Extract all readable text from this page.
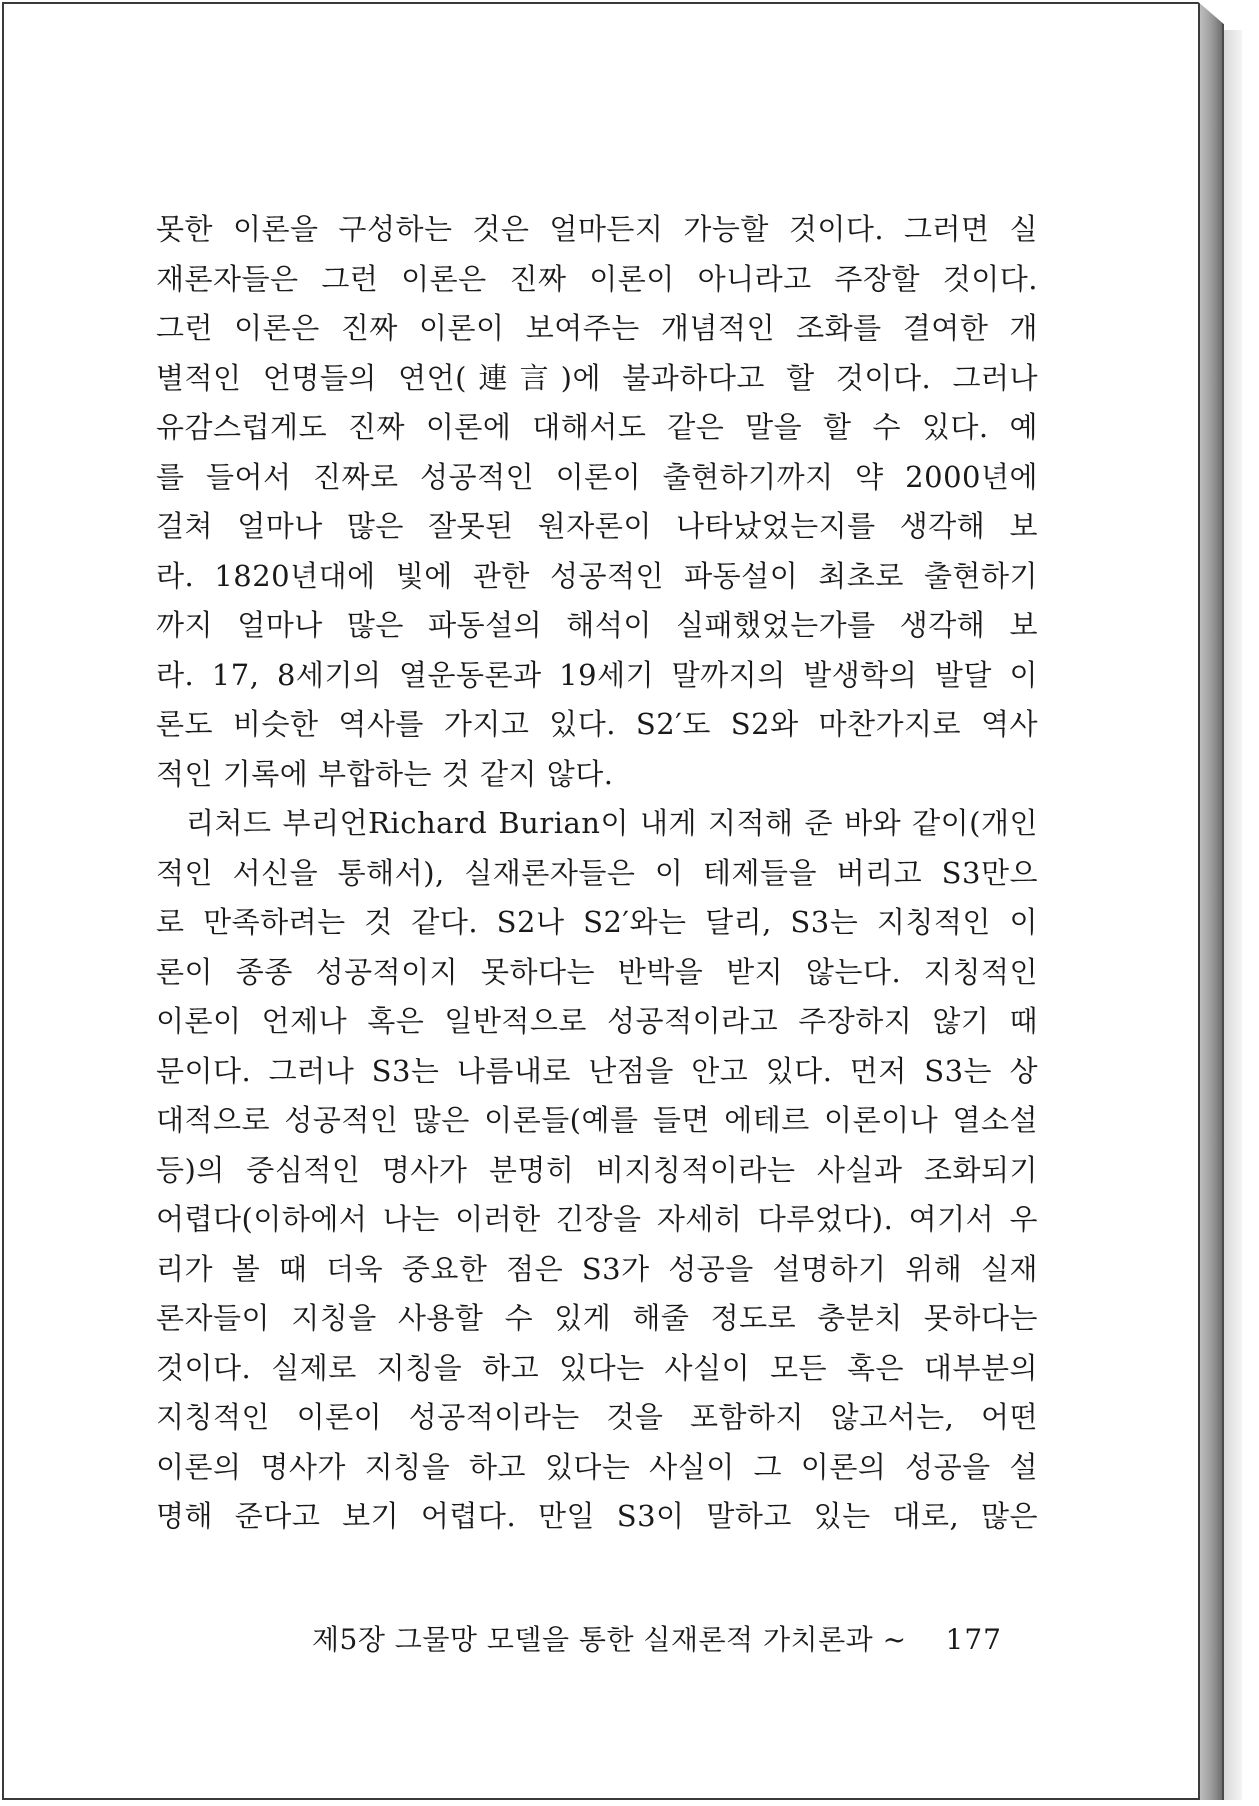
못한 이론을 구성하는 것은 얼마든지 가능할 것이다. 그러면 실
재론자들은 그런 이론은 진짜 이론이 아니라고 주장할 것이다.
그런 이론은 진짜 이론이 보여주는 개념적인 조화를 결여한 개
별적인 언명들의 연언(連言)에 불과하다고 할 것이다. 그러나
유감스럽게도 진짜 이론에 대해서도 같은 말을 할 수 있다. 예
를 들어서 진짜로 성공적인 이론이 출현하기까지 약 2000년에
걸쳐 얼마나 많은 잘못된 원자론이 나타났었는지를 생각해 보
라. 1820년대에 빛에 관한 성공적인 파동설이 최초로 출현하기
까지 얼마나 많은 파동설의 해석이 실패했었는가를 생각해 보
라. 17, 8세기의 열운동론과 19세기 말까지의 발생학의 발달 이
론도 비슷한 역사를 가지고 있다. S2′도 S2와 마찬가지로 역사
적인 기록에 부합하는 것 같지 않다.
리처드 부리언Richard Burian이 내게 지적해 준 바와 같이(개인
적인 서신을 통해서), 실재론자들은 이 테제들을 버리고 S3만으
로 만족하려는 것 같다. S2나 S2′와는 달리, S3는 지칭적인 이
론이 종종 성공적이지 못하다는 반박을 받지 않는다. 지칭적인
이론이 언제나 혹은 일반적으로 성공적이라고 주장하지 않기 때
문이다. 그러나 S3는 나름내로 난점을 안고 있다. 먼저 S3는 상
대적으로 성공적인 많은 이론들(예를 들면 에테르 이론이나 열소설
등)의 중심적인 명사가 분명히 비지칭적이라는 사실과 조화되기
어렵다(이하에서 나는 이러한 긴장을 자세히 다루었다). 여기서 우
리가 볼 때 더욱 중요한 점은 S3가 성공을 설명하기 위해 실재
론자들이 지칭을 사용할 수 있게 해줄 정도로 충분치 못하다는
것이다. 실제로 지칭을 하고 있다는 사실이 모든 혹은 대부분의
지칭적인 이론이 성공적이라는 것을 포함하지 않고서는, 어떤
이론의 명사가 지칭을 하고 있다는 사실이 그 이론의 성공을 설
명해 준다고 보기 어렵다. 만일 S3이 말하고 있는 대로, 많은
제5장 그물망 모델을 통한 실재론적 가치론과 ~ 177
